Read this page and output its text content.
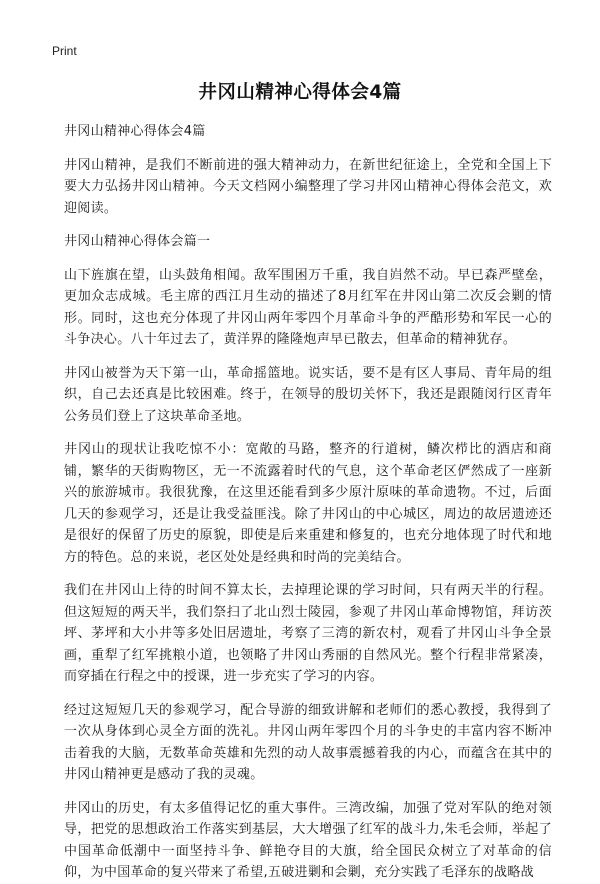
Print
井冈山精神心得体会4篇

井冈山精神心得体会4篇

井冈山精神，是我们不断前进的强大精神动力，在新世纪征途上，全党和全国上下要大力弘扬井冈山精神。今天文档网小编整理了学习井冈山精神心得体会范文，欢迎阅读。

井冈山精神心得体会篇一

山下旌旗在望，山头鼓角相闻。敌军围困万千重，我自岿然不动。早已森严壁垒，更加众志成城。毛主席的西江月生动的描述了8月红军在井冈山第二次反会剿的情形。同时，这也充分体现了井冈山两年零四个月革命斗争的严酷形势和军民一心的斗争决心。八十年过去了，黄洋界的隆隆炮声早已散去，但革命的精神犹存。

井冈山被誉为天下第一山，革命摇篮地。说实话，要不是有区人事局、青年局的组织，自己去还真是比较困难。终于，在领导的殷切关怀下，我还是跟随闵行区青年公务员们登上了这块革命圣地。

井冈山的现状让我吃惊不小：宽敞的马路，整齐的行道树，鳞次栉比的酒店和商铺，繁华的天街购物区，无一不流露着时代的气息，这个革命老区俨然成了一座新兴的旅游城市。我很犹豫，在这里还能看到多少原汁原味的革命遗物。不过，后面几天的参观学习，还是让我受益匪浅。除了井冈山的中心城区，周边的故居遗迹还是很好的保留了历史的原貌，即使是后来重建和修复的，也充分地体现了时代和地方的特色。总的来说，老区处处是经典和时尚的完美结合。

我们在井冈山上待的时间不算太长，去掉理论课的学习时间，只有两天半的行程。但这短短的两天半，我们祭扫了北山烈士陵园，参观了井冈山革命博物馆，拜访茨坪、茅坪和大小井等多处旧居遗址，考察了三湾的新农村，观看了井冈山斗争全景画，重犁了红军挑粮小道，也领略了井冈山秀丽的自然风光。整个行程非常紧凑，而穿插在行程之中的授课，进一步充实了学习的内容。

经过这短短几天的参观学习，配合导游的细致讲解和老师们的悉心教授，我得到了一次从身体到心灵全方面的洗礼。井冈山两年零四个月的斗争史的丰富内容不断冲击着我的大脑，无数革命英雄和先烈的动人故事震撼着我的内心，而蕴含在其中的井冈山精神更是感动了我的灵魂。

井冈山的历史，有太多值得记忆的重大事件。三湾改编，加强了党对军队的绝对领导，把党的思想政治工作落实到基层，大大增强了红军的战斗力,朱毛会师，举起了中国革命低潮中一面坚持斗争、鲜艳夺目的大旗，给全国民众树立了对革命的信仰，为中国革命的复兴带来了希望,五破进剿和会剿，充分实践了毛泽东的战略战
